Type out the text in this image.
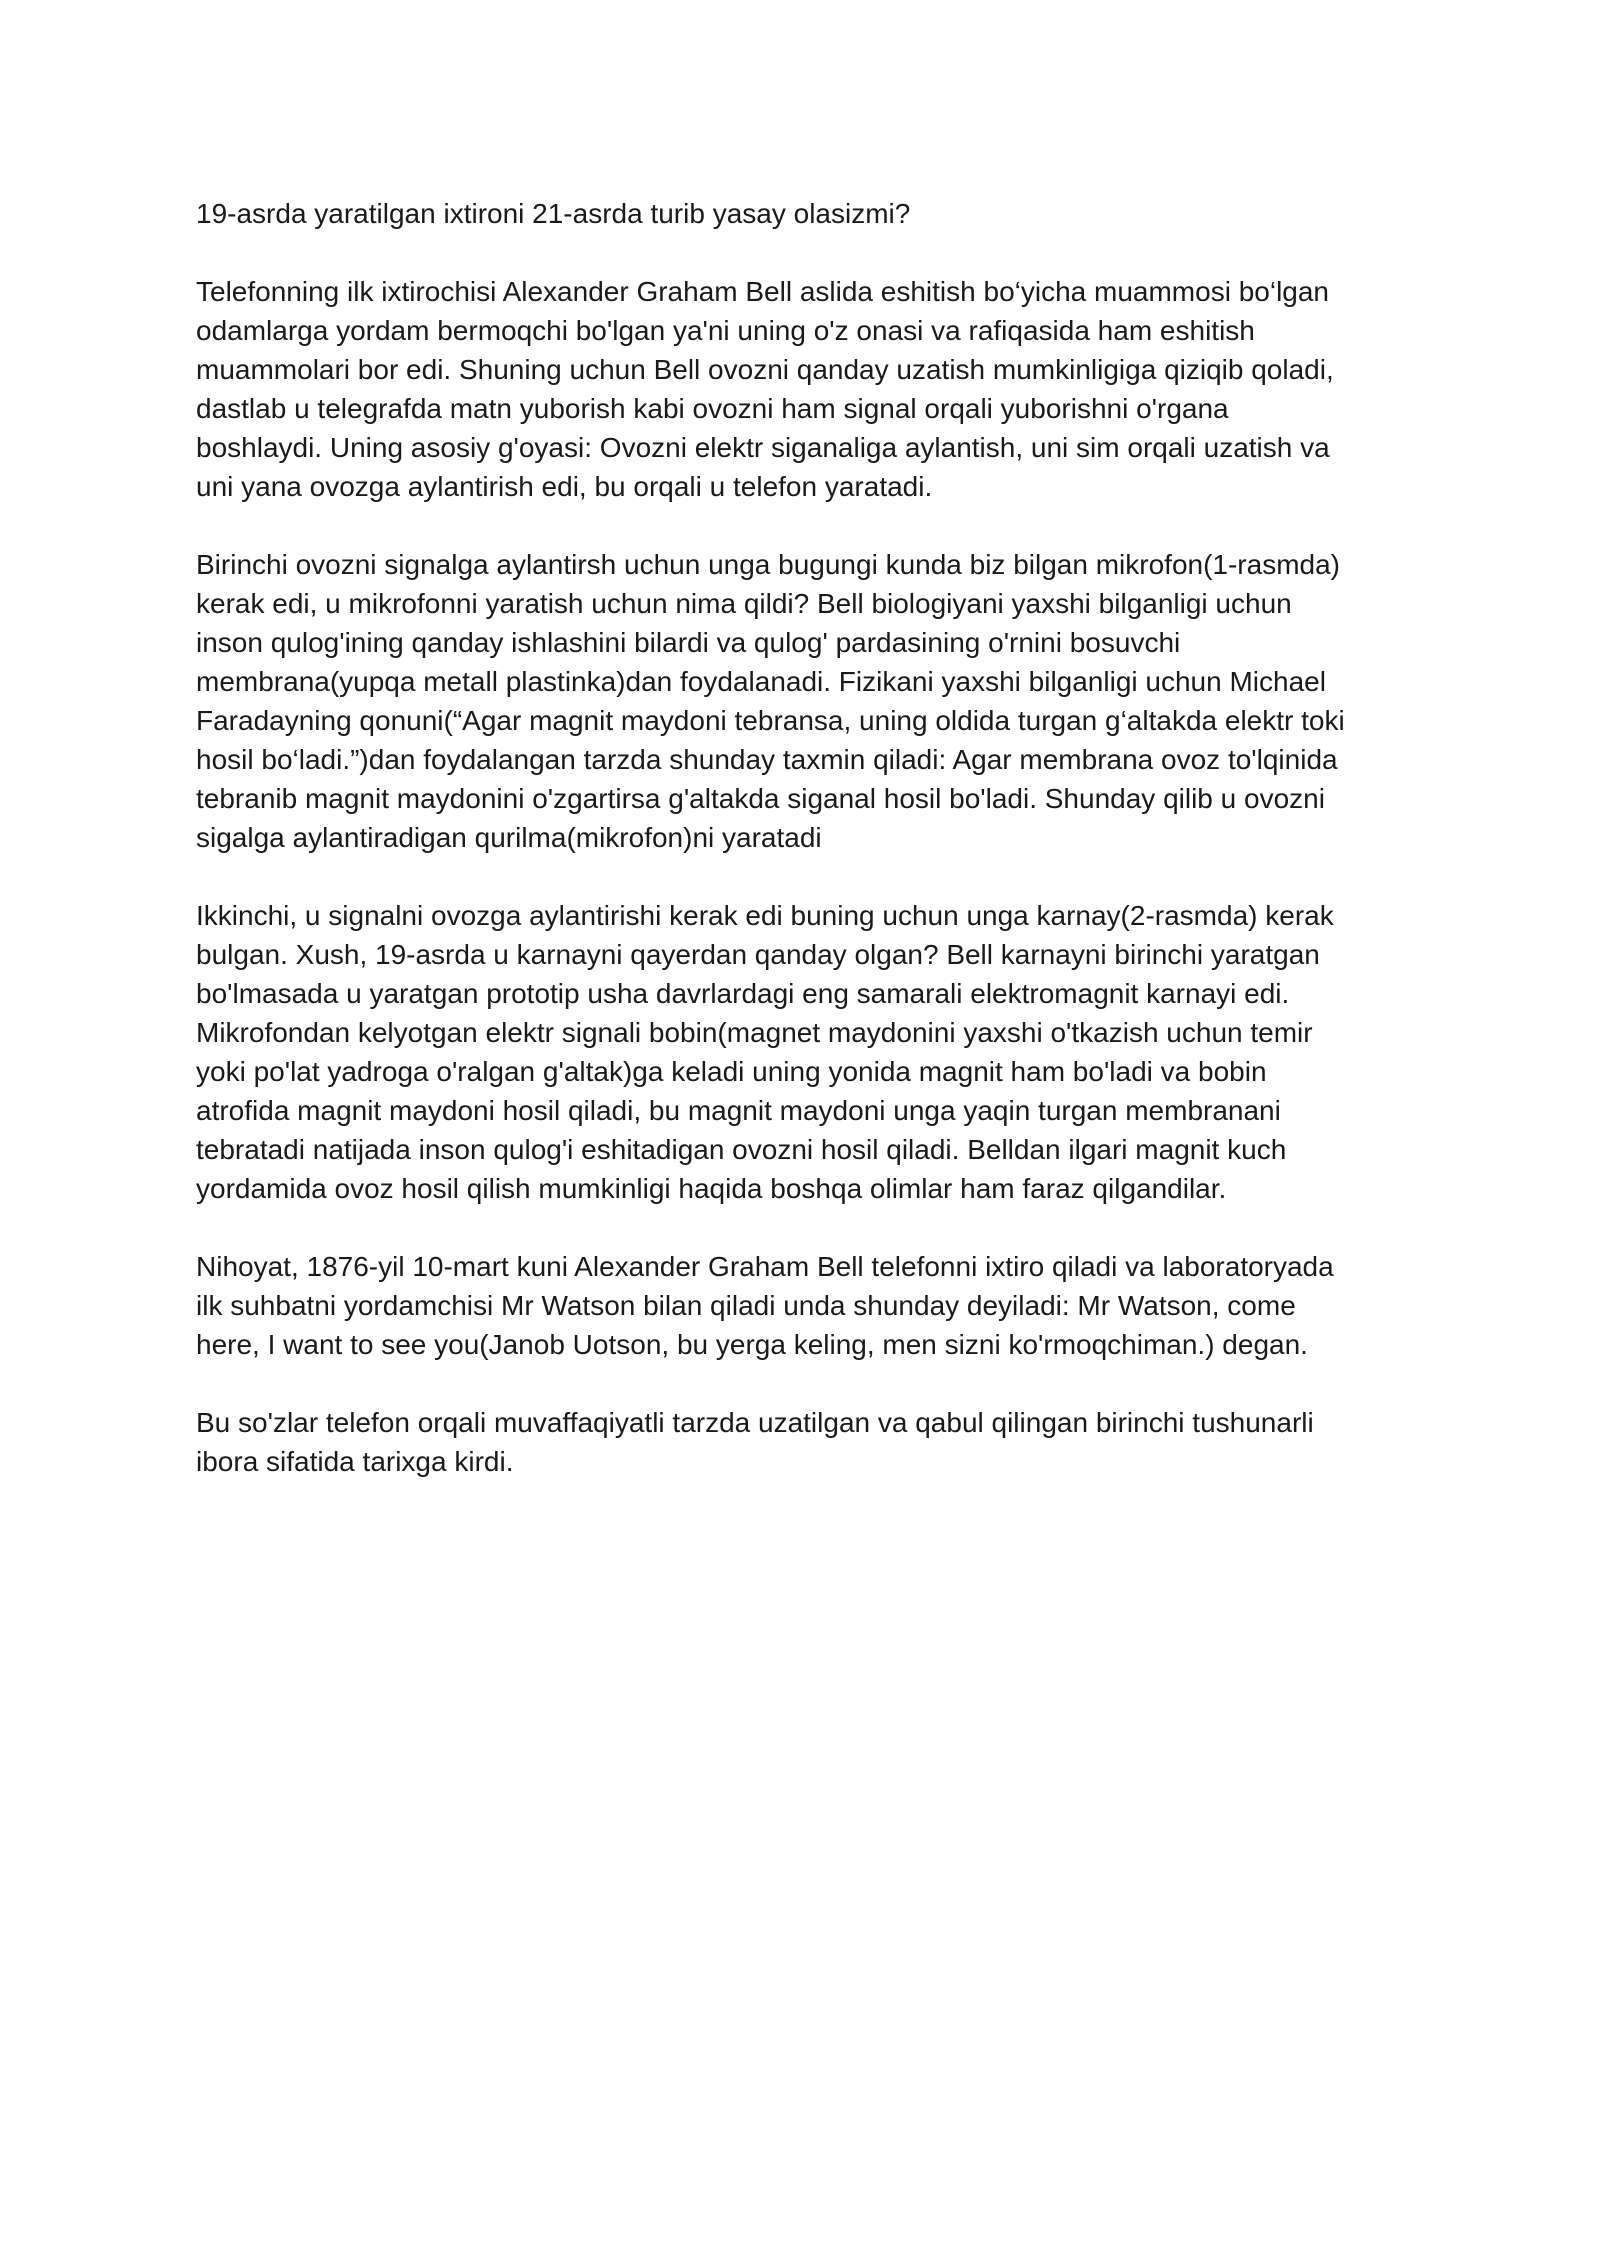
19-asrda yaratilgan ixtironi 21-asrda turib yasay olasizmi?

Telefonning ilk ixtirochisi Alexander Graham Bell aslida eshitish bo‘yicha muammosi bo‘lgan
odamlarga yordam bermoqchi bo'lgan ya'ni uning o'z onasi va rafiqasida ham eshitish
muammolari bor edi. Shuning uchun Bell ovozni qanday uzatish mumkinligiga qiziqib qoladi,
dastlab u telegrafda matn yuborish kabi ovozni ham signal orqali yuborishni o'rgana
boshlaydi. Uning asosiy g'oyasi: Ovozni elektr siganaliga aylantish, uni sim orqali uzatish va
uni yana ovozga aylantirish edi, bu orqali u telefon yaratadi.

Birinchi ovozni signalga aylantirsh uchun unga bugungi kunda biz bilgan mikrofon(1-rasmda)
kerak edi, u mikrofonni yaratish uchun nima qildi? Bell biologiyani yaxshi bilganligi uchun
inson qulog'ining qanday ishlashini bilardi va qulog' pardasining o'rnini bosuvchi
membrana(yupqa metall plastinka)dan foydalanadi. Fizikani yaxshi bilganligi uchun Michael
Faradayning qonuni(“Agar magnit maydoni tebransa, uning oldida turgan g‘altakda elektr toki
hosil bo‘ladi.”)dan foydalangan tarzda shunday taxmin qiladi: Agar membrana ovoz to'lqinida
tebranib magnit maydonini o'zgartirsa g'altakda siganal hosil bo'ladi. Shunday qilib u ovozni
sigalga aylantiradigan qurilma(mikrofon)ni yaratadi

Ikkinchi, u signalni ovozga aylantirishi kerak edi buning uchun unga karnay(2-rasmda) kerak
bulgan. Xush, 19-asrda u karnayni qayerdan qanday olgan? Bell karnayni birinchi yaratgan
bo'lmasada u yaratgan prototip usha davrlardagi eng samarali elektromagnit karnayi edi.
Mikrofondan kelyotgan elektr signali bobin(magnet maydonini yaxshi o'tkazish uchun temir
yoki po'lat yadroga o'ralgan g'altak)ga keladi uning yonida magnit ham bo'ladi va bobin
atrofida magnit maydoni hosil qiladi, bu magnit maydoni unga yaqin turgan membranani
tebratadi natijada inson qulog'i eshitadigan ovozni hosil qiladi. Belldan ilgari magnit kuch
yordamida ovoz hosil qilish mumkinligi haqida boshqa olimlar ham faraz qilgandilar.

Nihoyat, 1876-yil 10-mart kuni Alexander Graham Bell telefonni ixtiro qiladi va laboratoryada
ilk suhbatni yordamchisi Mr Watson bilan qiladi unda shunday deyiladi: Mr Watson, come
here, I want to see you(Janob Uotson, bu yerga keling, men sizni ko'rmoqchiman.) degan.

Bu so'zlar telefon orqali muvaffaqiyatli tarzda uzatilgan va qabul qilingan birinchi tushunarli
ibora sifatida tarixga kirdi.
